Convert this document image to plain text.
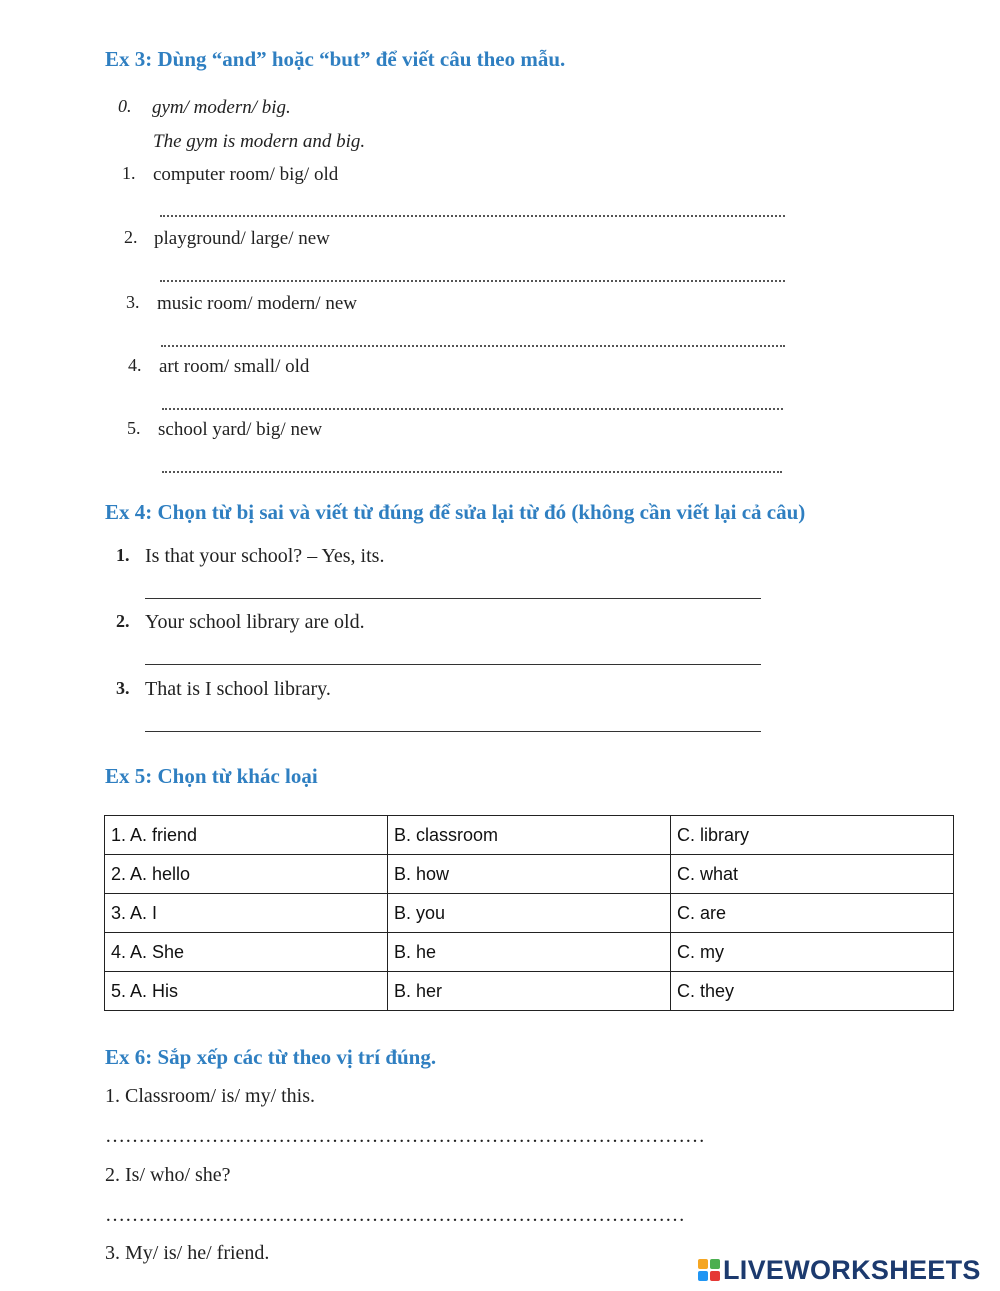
Ex 3: Dùng “and” hoặc “but” để viết câu theo mẫu.
0. gym/ modern/ big.
The gym is modern and big.
1. computer room/ big/ old
2. playground/ large/ new
3. music room/ modern/ new
4. art room/ small/ old
5. school yard/ big/ new
Ex 4: Chọn từ bị sai và viết từ đúng để sửa lại từ đó (không cần viết lại cả câu)
1. Is that your school? – Yes, its.
2. Your school library are old.
3. That is I school library.
Ex 5: Chọn từ khác loại
1. A. friend	B. classroom	C. library
2. A. hello	B. how	C. what
3. A. I	B. you	C. are
4. A. She	B. he	C. my
5. A. His	B. her	C. they
Ex 6: Sắp xếp các từ theo vị trí đúng.
1. Classroom/ is/ my/ this.
………………………………………………………………………………
2. Is/ who/ she?
……………………………………………………………………………
3. My/ is/ he/ friend.
LIVEWORKSHEETS
